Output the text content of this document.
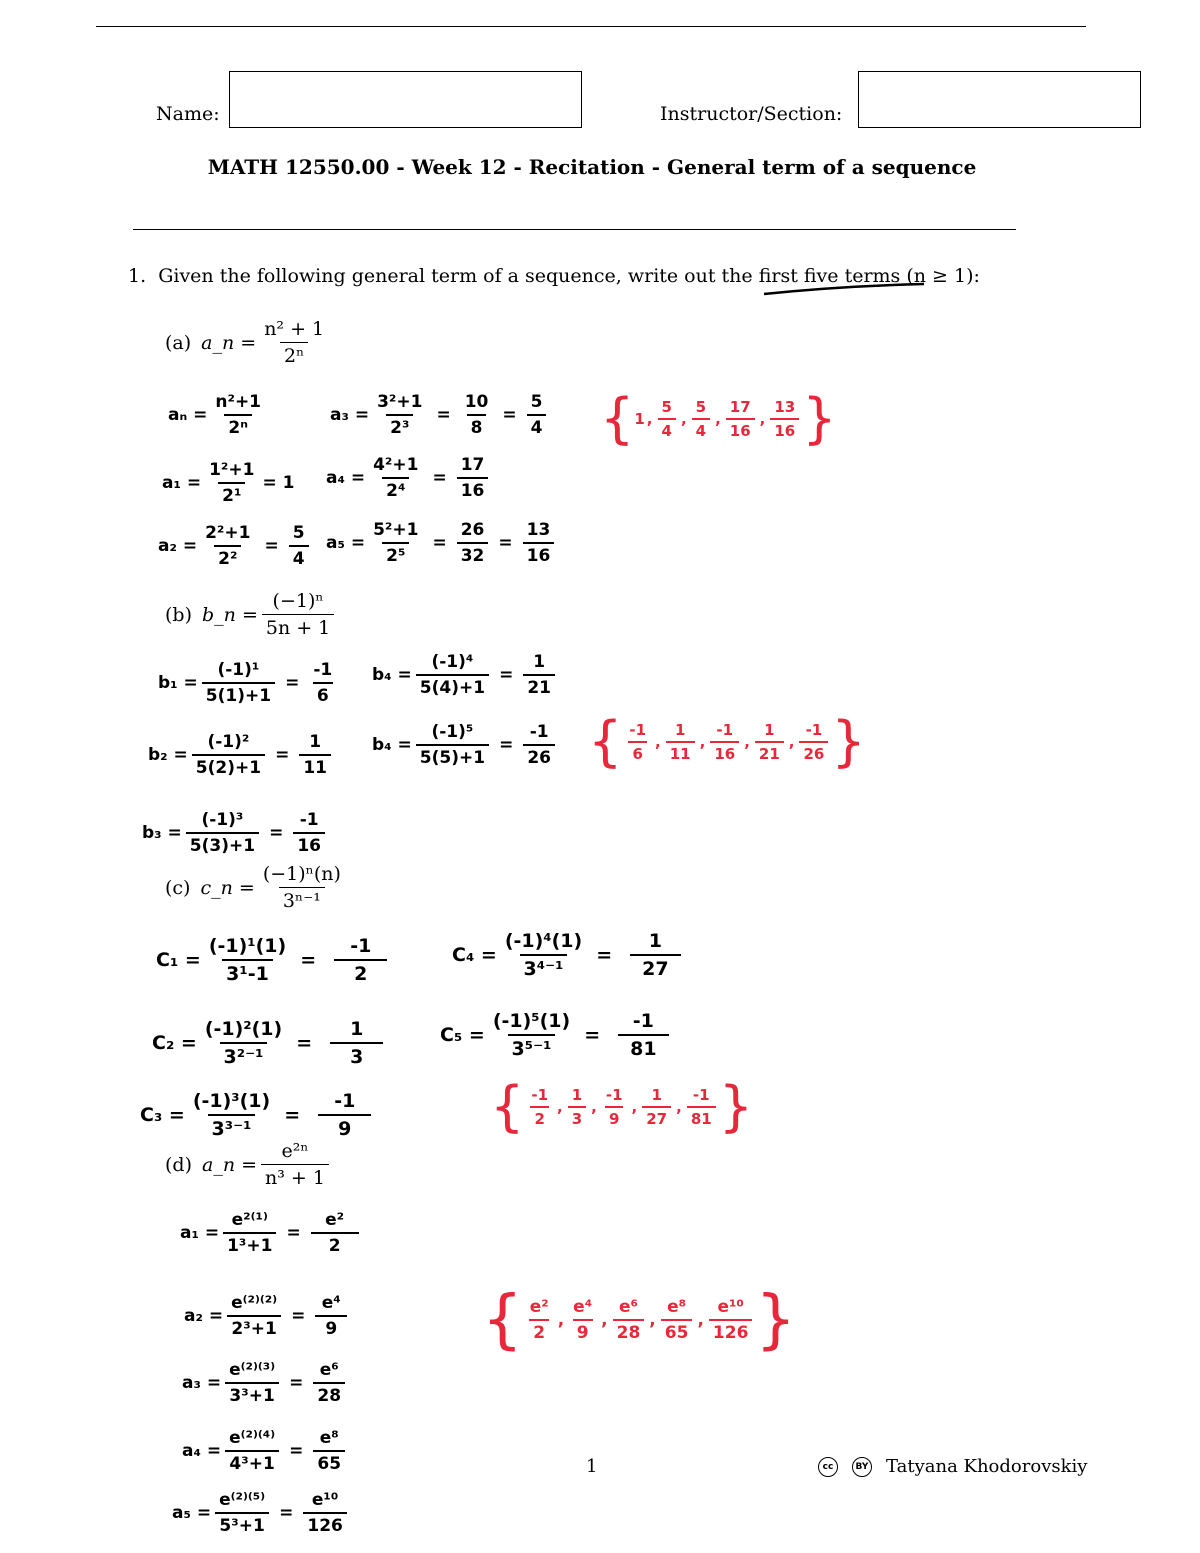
Name:	Instructor/Section:
MATH 12550.00 - Week 12 - Recitation - General term of a sequence
1. Given the following general term of a sequence, write out the first five terms (n ≥ 1):
(a) a_n = $\frac{\text{n² + 1}}{\text{2ⁿ}}$
$a_n = \frac{\text{n²+1}}{\text{2ⁿ}}$
$a_1 = \frac{\text{1²+1}}{\text{2¹}} = 1$
$a_2 = \frac{\text{2²+1}}{\text{2²}} = \frac{5}{4}$
$a_3 = \frac{\text{3²+1}}{\text{2³}} = \frac{10}{8} = \frac{5}{4}$
$a_4 = \frac{\text{4²+1}}{\text{2⁴}} = \frac{17}{16}$
$a_5 = \frac{\text{5²+1}}{\text{2⁵}} = \frac{26}{32} = \frac{13}{16}$
{ 1 , $\frac{5}{4}$ , $\frac{5}{4}$ , $\frac{17}{16}$ , $\frac{13}{16}$ }
(b) b_n = $\frac{\text{(−1)ⁿ}}{5n + 1}$
$b_1 = \frac{\text{(-1)¹}}{5(1)+1} = \frac{-1}{6}$
$b_2 = \frac{\text{(-1)²}}{5(2)+1} = \frac{1}{11}$
$b_3 = \frac{\text{(-1)³}}{5(3)+1} = \frac{-1}{16}$
$b_4 = \frac{\text{(-1)⁴}}{5(4)+1} = \frac{1}{21}$
$b_4 = \frac{\text{(-1)⁵}}{5(5)+1} = \frac{-1}{26}$ { $\frac{-1}{6}$ , $\frac{1}{11}$ , $\frac{-1}{16}$ , $\frac{1}{21}$ , $\frac{-1}{26}$ }
(c) c_n = $\frac{\text{(−1)ⁿ(n)}}{\text{3ⁿ⁻¹}}$
$C_1 = \frac{\text{(-1)¹(1)}}{\text{3¹-1}} = \frac{-1}{2}$
$C_2 = \frac{\text{(-1)²(1)}}{\text{3²⁻¹}} = \frac{1}{3}$
$C_3 = \frac{\text{(-1)³(1)}}{\text{3³⁻¹}} = \frac{-1}{9}$
$C_4 = \frac{\text{(-1)⁴(1)}}{\text{3⁴⁻¹}} = \frac{1}{27}$
$C_5 = \frac{\text{(-1)⁵(1)}}{\text{3⁵⁻¹}} = \frac{-1}{81}$
{ $\frac{-1}{2}$ , $\frac{1}{3}$ , $\frac{-1}{9}$ , $\frac{1}{27}$ , $\frac{-1}{81}$ }
(d) a_n = $\frac{\text{e²ⁿ}}{\text{n³ + 1}}$
$a_1 = \frac{\text{e²⁽¹⁾}}{\text{1³+1}} = \frac{\text{e²}}{2}$
$a_2 = \frac{\text{e⁽²⁾⁽²⁾}}{\text{2³+1}} = \frac{\text{e⁴}}{9}$
$a_3 = \frac{\text{e⁽²⁾⁽³⁾}}{\text{3³+1}} = \frac{\text{e⁶}}{28}$
$a_4 = \frac{\text{e⁽²⁾⁽⁴⁾}}{\text{4³+1}} = \frac{\text{e⁸}}{65}$
$a_5 = \frac{\text{e⁽²⁾⁽⁵⁾}}{\text{5³+1}} = \frac{\text{e¹⁰}}{126}$
{ $\frac{\text{e²}}{2}$ , $\frac{\text{e⁴}}{9}$ , $\frac{\text{e⁶}}{28}$ , $\frac{\text{e⁸}}{65}$ , $\frac{\text{e¹⁰}}{126}$ }
1	cc BY Tatyana Khodorovskiy
